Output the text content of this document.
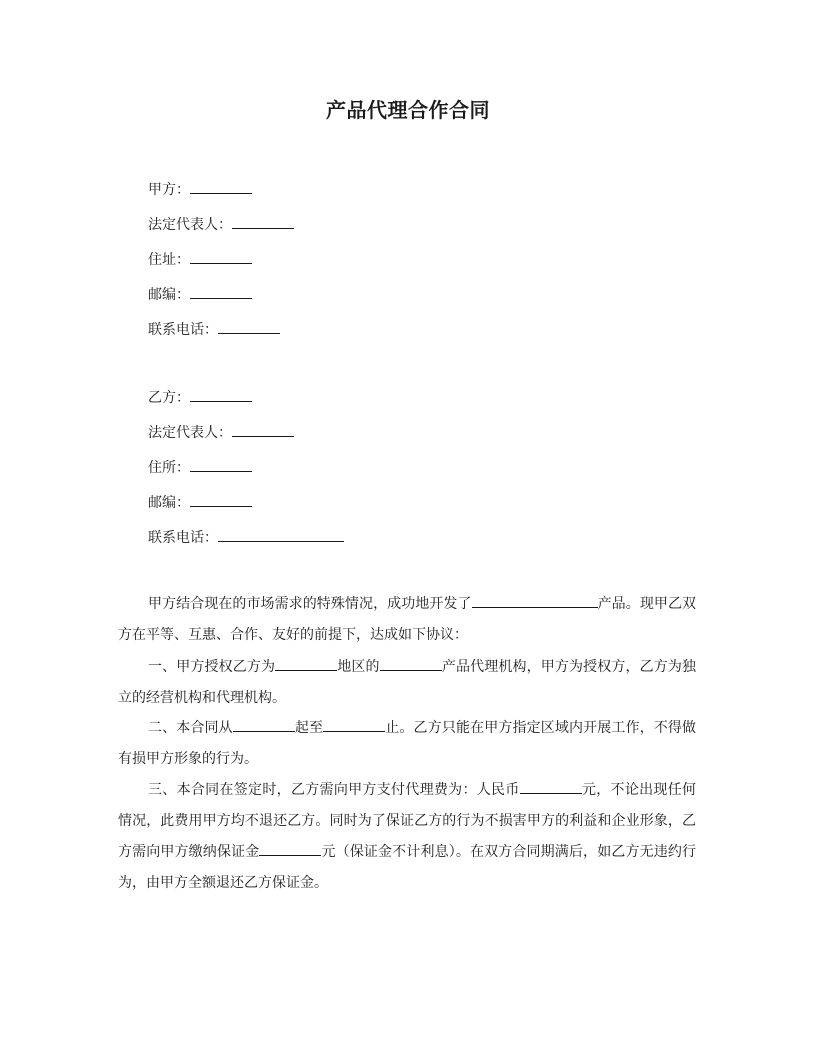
产品代理合作合同
甲方：
法定代表人：
住址：
邮编：
联系电话：
乙方：
法定代表人：
住所：
邮编：
联系电话：
甲方结合现在的市场需求的特殊情况，成功地开发了	产品。现甲乙双方在平等、互惠、合作、友好的前提下，达成如下协议：
一、甲方授权乙方为	地区的	产品代理机构，甲方为授权方，乙方为独立的经营机构和代理机构。
二、本合同从	起至	止。乙方只能在甲方指定区域内开展工作，不得做有损甲方形象的行为。
三、本合同在签定时，乙方需向甲方支付代理费为：人民币	元，不论出现任何情况，此费用甲方均不退还乙方。同时为了保证乙方的行为不损害甲方的利益和企业形象，乙方需向甲方缴纳保证金	元（保证金不计利息）。在双方合同期满后，如乙方无违约行为，由甲方全额退还乙方保证金。
